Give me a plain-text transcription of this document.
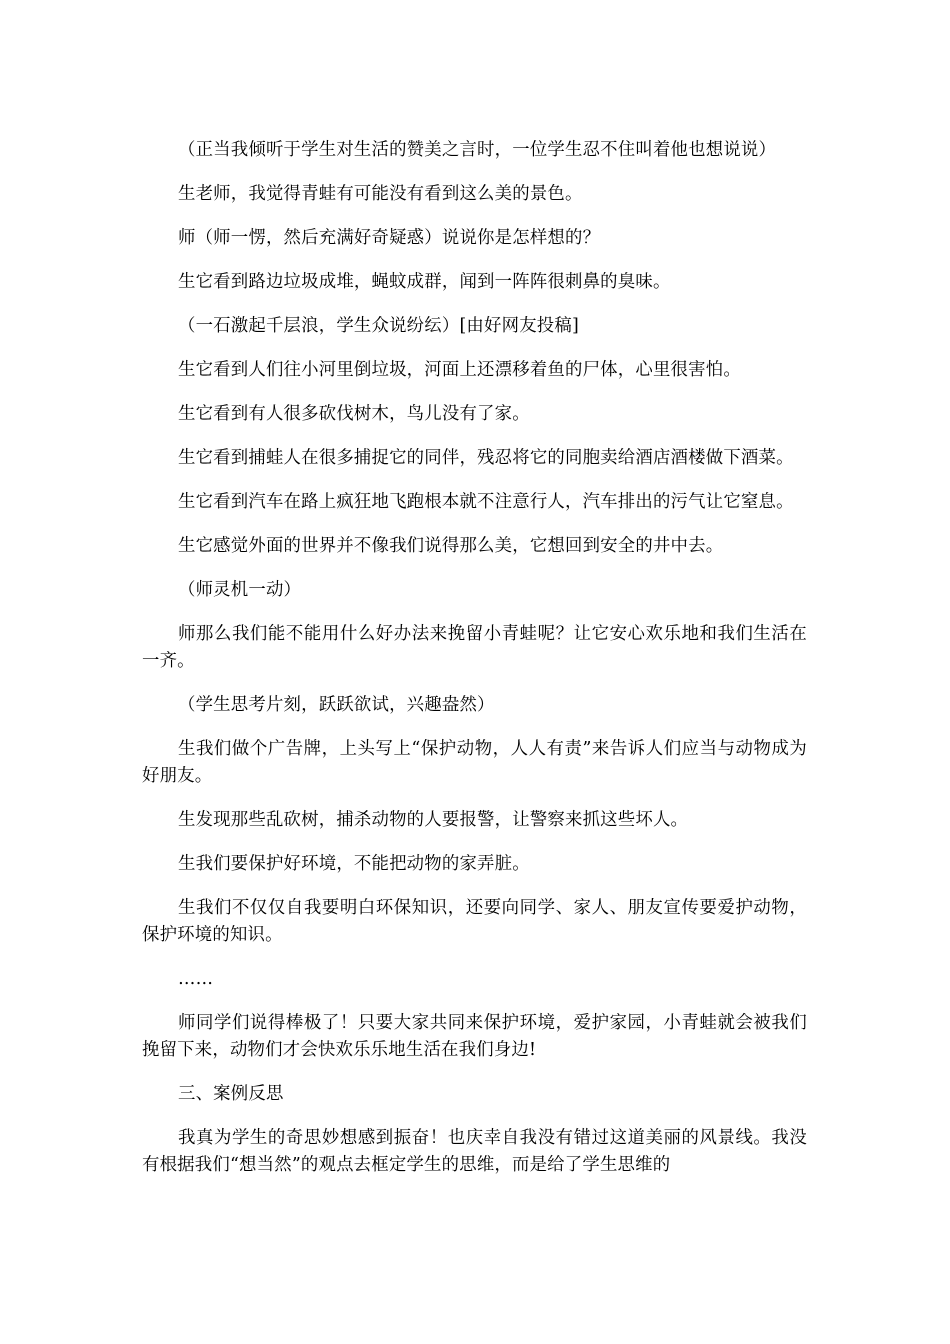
（正当我倾听于学生对生活的赞美之言时，一位学生忍不住叫着他也想说说）

生老师，我觉得青蛙有可能没有看到这么美的景色。

师（师一愣，然后充满好奇疑惑）说说你是怎样想的？

生它看到路边垃圾成堆，蝇蚊成群，闻到一阵阵很刺鼻的臭味。

（一石激起千层浪，学生众说纷纭）[由好网友投稿]

生它看到人们往小河里倒垃圾，河面上还漂移着鱼的尸体，心里很害怕。

生它看到有人很多砍伐树木，鸟儿没有了家。

生它看到捕蛙人在很多捕捉它的同伴，残忍将它的同胞卖给酒店酒楼做下酒菜。

生它看到汽车在路上疯狂地飞跑根本就不注意行人，汽车排出的污气让它窒息。

生它感觉外面的世界并不像我们说得那么美，它想回到安全的井中去。

（师灵机一动）

师那么我们能不能用什么好办法来挽留小青蛙呢？让它安心欢乐地和我们生活在一齐。

（学生思考片刻，跃跃欲试，兴趣盎然）

生我们做个广告牌，上头写上“保护动物，人人有责”来告诉人们应当与动物成为好朋友。

生发现那些乱砍树，捕杀动物的人要报警，让警察来抓这些坏人。

生我们要保护好环境，不能把动物的家弄脏。

生我们不仅仅自我要明白环保知识，还要向同学、家人、朋友宣传要爱护动物，保护环境的知识。

……

师同学们说得棒极了！只要大家共同来保护环境，爱护家园，小青蛙就会被我们挽留下来，动物们才会快欢乐乐地生活在我们身边!

三、案例反思

我真为学生的奇思妙想感到振奋！也庆幸自我没有错过这道美丽的风景线。我没有根据我们“想当然”的观点去框定学生的思维，而是给了学生思维的
